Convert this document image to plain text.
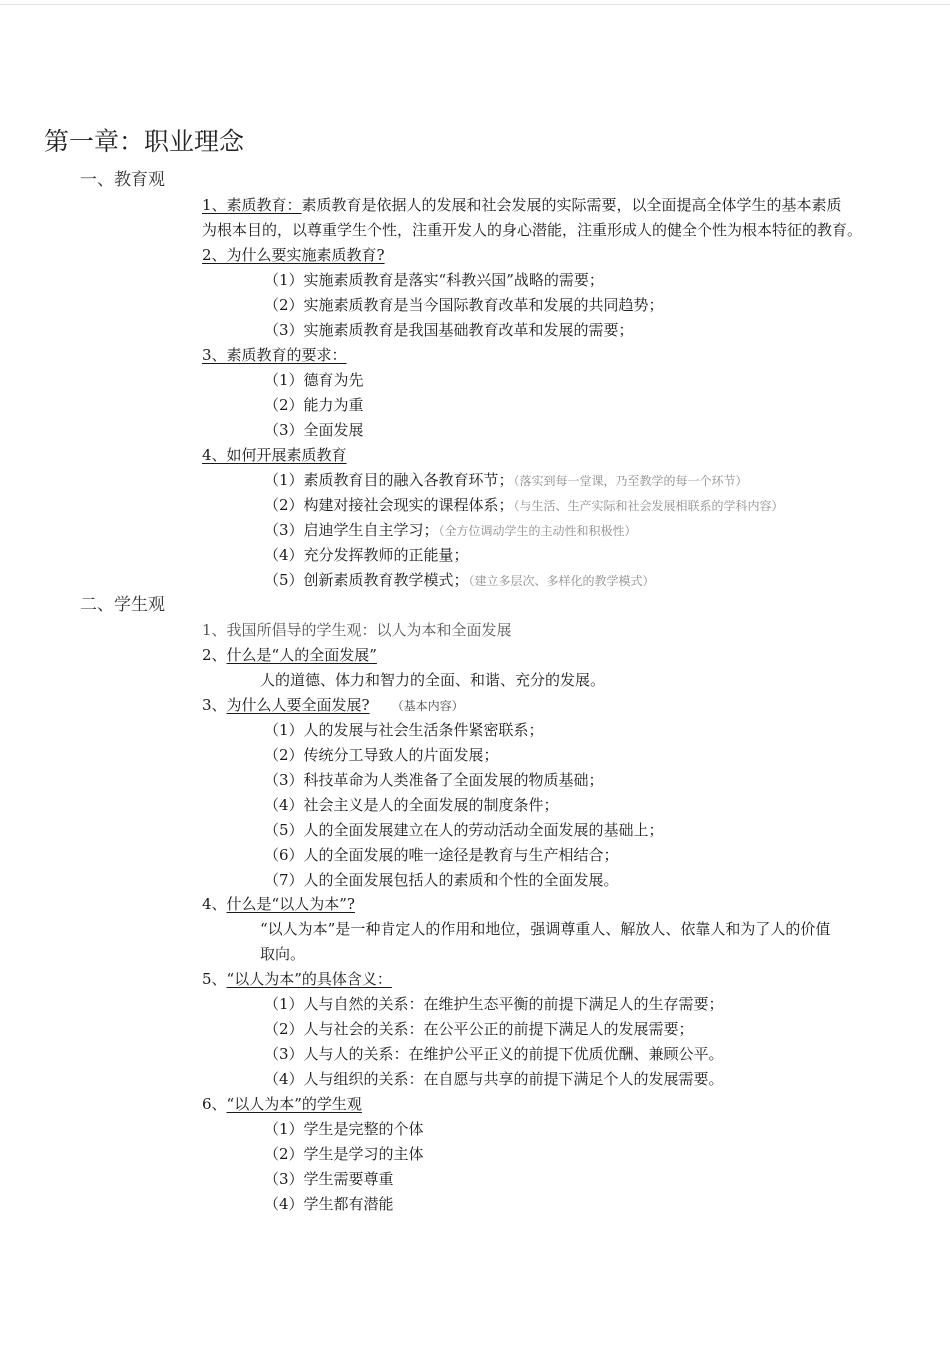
第一章：职业理念
一、教育观
1、素质教育：素质教育是依据人的发展和社会发展的实际需要，以全面提高全体学生的基本素质
为根本目的，以尊重学生个性，注重开发人的身心潜能，注重形成人的健全个性为根本特征的教育。
2、为什么要实施素质教育?
（1）实施素质教育是落实“科教兴国”战略的需要；
（2）实施素质教育是当今国际教育改革和发展的共同趋势；
（3）实施素质教育是我国基础教育改革和发展的需要；
3、素质教育的要求：
（1）德育为先
（2）能力为重
（3）全面发展
4、如何开展素质教育
（1）素质教育目的融入各教育环节；（落实到每一堂课，乃至教学的每一个环节）
（2）构建对接社会现实的课程体系；（与生活、生产实际和社会发展相联系的学科内容）
（3）启迪学生自主学习；（全方位调动学生的主动性和积极性）
（4）充分发挥教师的正能量；
（5）创新素质教育教学模式；（建立多层次、多样化的教学模式）
二、学生观
1、我国所倡导的学生观：以人为本和全面发展
2、什么是“人的全面发展”
人的道德、体力和智力的全面、和谐、充分的发展。
3、为什么人要全面发展? （基本内容）
（1）人的发展与社会生活条件紧密联系；
（2）传统分工导致人的片面发展；
（3）科技革命为人类准备了全面发展的物质基础；
（4）社会主义是人的全面发展的制度条件；
（5）人的全面发展建立在人的劳动活动全面发展的基础上；
（6）人的全面发展的唯一途径是教育与生产相结合；
（7）人的全面发展包括人的素质和个性的全面发展。
4、什么是“以人为本”?
“以人为本”是一种肯定人的作用和地位，强调尊重人、解放人、依靠人和为了人的价值
取向。
5、“以人为本”的具体含义：
（1）人与自然的关系：在维护生态平衡的前提下满足人的生存需要；
（2）人与社会的关系：在公平公正的前提下满足人的发展需要；
（3）人与人的关系：在维护公平正义的前提下优质优酬、兼顾公平。
（4）人与组织的关系：在自愿与共享的前提下满足个人的发展需要。
6、“以人为本”的学生观
（1）学生是完整的个体
（2）学生是学习的主体
（3）学生需要尊重
（4）学生都有潜能
